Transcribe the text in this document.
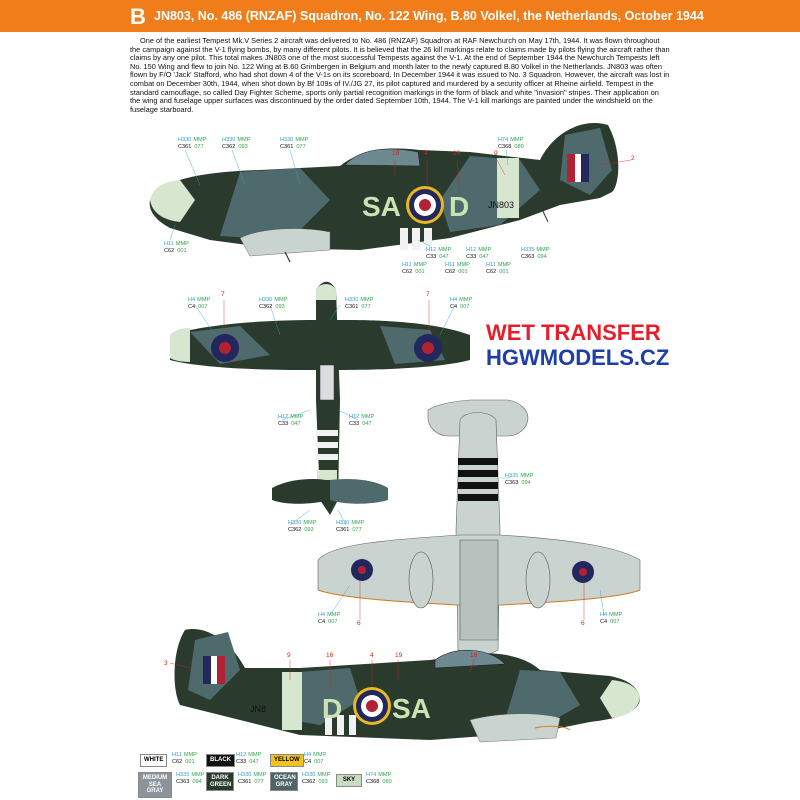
B JN803, No. 486 (RNZAF) Squadron, No. 122 Wing, B.80 Volkel, the Netherlands, October 1944

One of the earliest Tempest Mk.V Series 2 aircraft was delivered to No. 486 (RNZAF) Squadron at RAF Newchurch on May 17th, 1944. It was flown throughout the campaign against the V-1 flying bombs, by many different pilots. It is believed that the 26 kill markings relate to claims made by pilots flying the aircraft rather than claims by any one pilot. This total makes JN803 one of the most successful Tempests against the V-1. At the end of September 1944 the Newchurch Tempests left No. 150 Wing and flew to join No. 122 Wing at B.60 Grimbergen in Belgium and month later to the newly captured B.80 Volkel in the Netherlands. JN803 was often flown by F/O 'Jack' Stafford, who had shot down 4 of the V-1s on its scoreboard. In December 1944 it was issued to No. 3 Squadron. However, the aircraft was lost in combat on December 30th, 1944, when shot down by Bf 109s of IV./JG 27, its pilot captured and murdered by a security officer at Rheine airfield. Tempest in the standard camouflage, so called Day Fighter Scheme, sports only partial recognition markings in the form of black and white "invasion" stripes. Their application on the wing and fuselage upper surfaces was discontinued by the order dated September 10th, 1944. The V-1 kill markings are painted under the windshield on the fuselage starboard.

WET TRANSFER
HGWMODELS.CZ
SA D JN803
D SA
JN8
H330 MMP
C361 077
H330 MMP
C362 093
H330 MMP
C361 077
H74 MMP
C368 080
H11 MMP
C62 001	H12 MMP
C33 047
H12 MMP
C33 047
H335 MMP
C363 094
H11 MMP
C62 001
H11 MMP
C62 001
H11 MMP
C62 001
H4 MMP
C4 007
H330 MMP
C362 093
H330 MMP
C361 077
H4 MMP
C4 007
H12 MMP
C33 047
H12 MMP
C33 047
H335 MMP
C363 094
H330 MMP
C362 093
H330 MMP
C361 077
H4 MMP
C4 007
H4 MMP
C4 007
19	4	16	9
2
7	7
6	6
3
9	16	4	19	18
WHITE
H11 MMP
C62 001	BLACK
H12 MMP
C33 047	YELLOW
H4 MMP
C4 007
MEDIUM SEA GRAY
H335 MMP
C363 094
DARK GREEN
H330 MMP
C361 077
OCEAN GRAY
H330 MMP
C362 093	SKY
H74 MMP
C368 080
